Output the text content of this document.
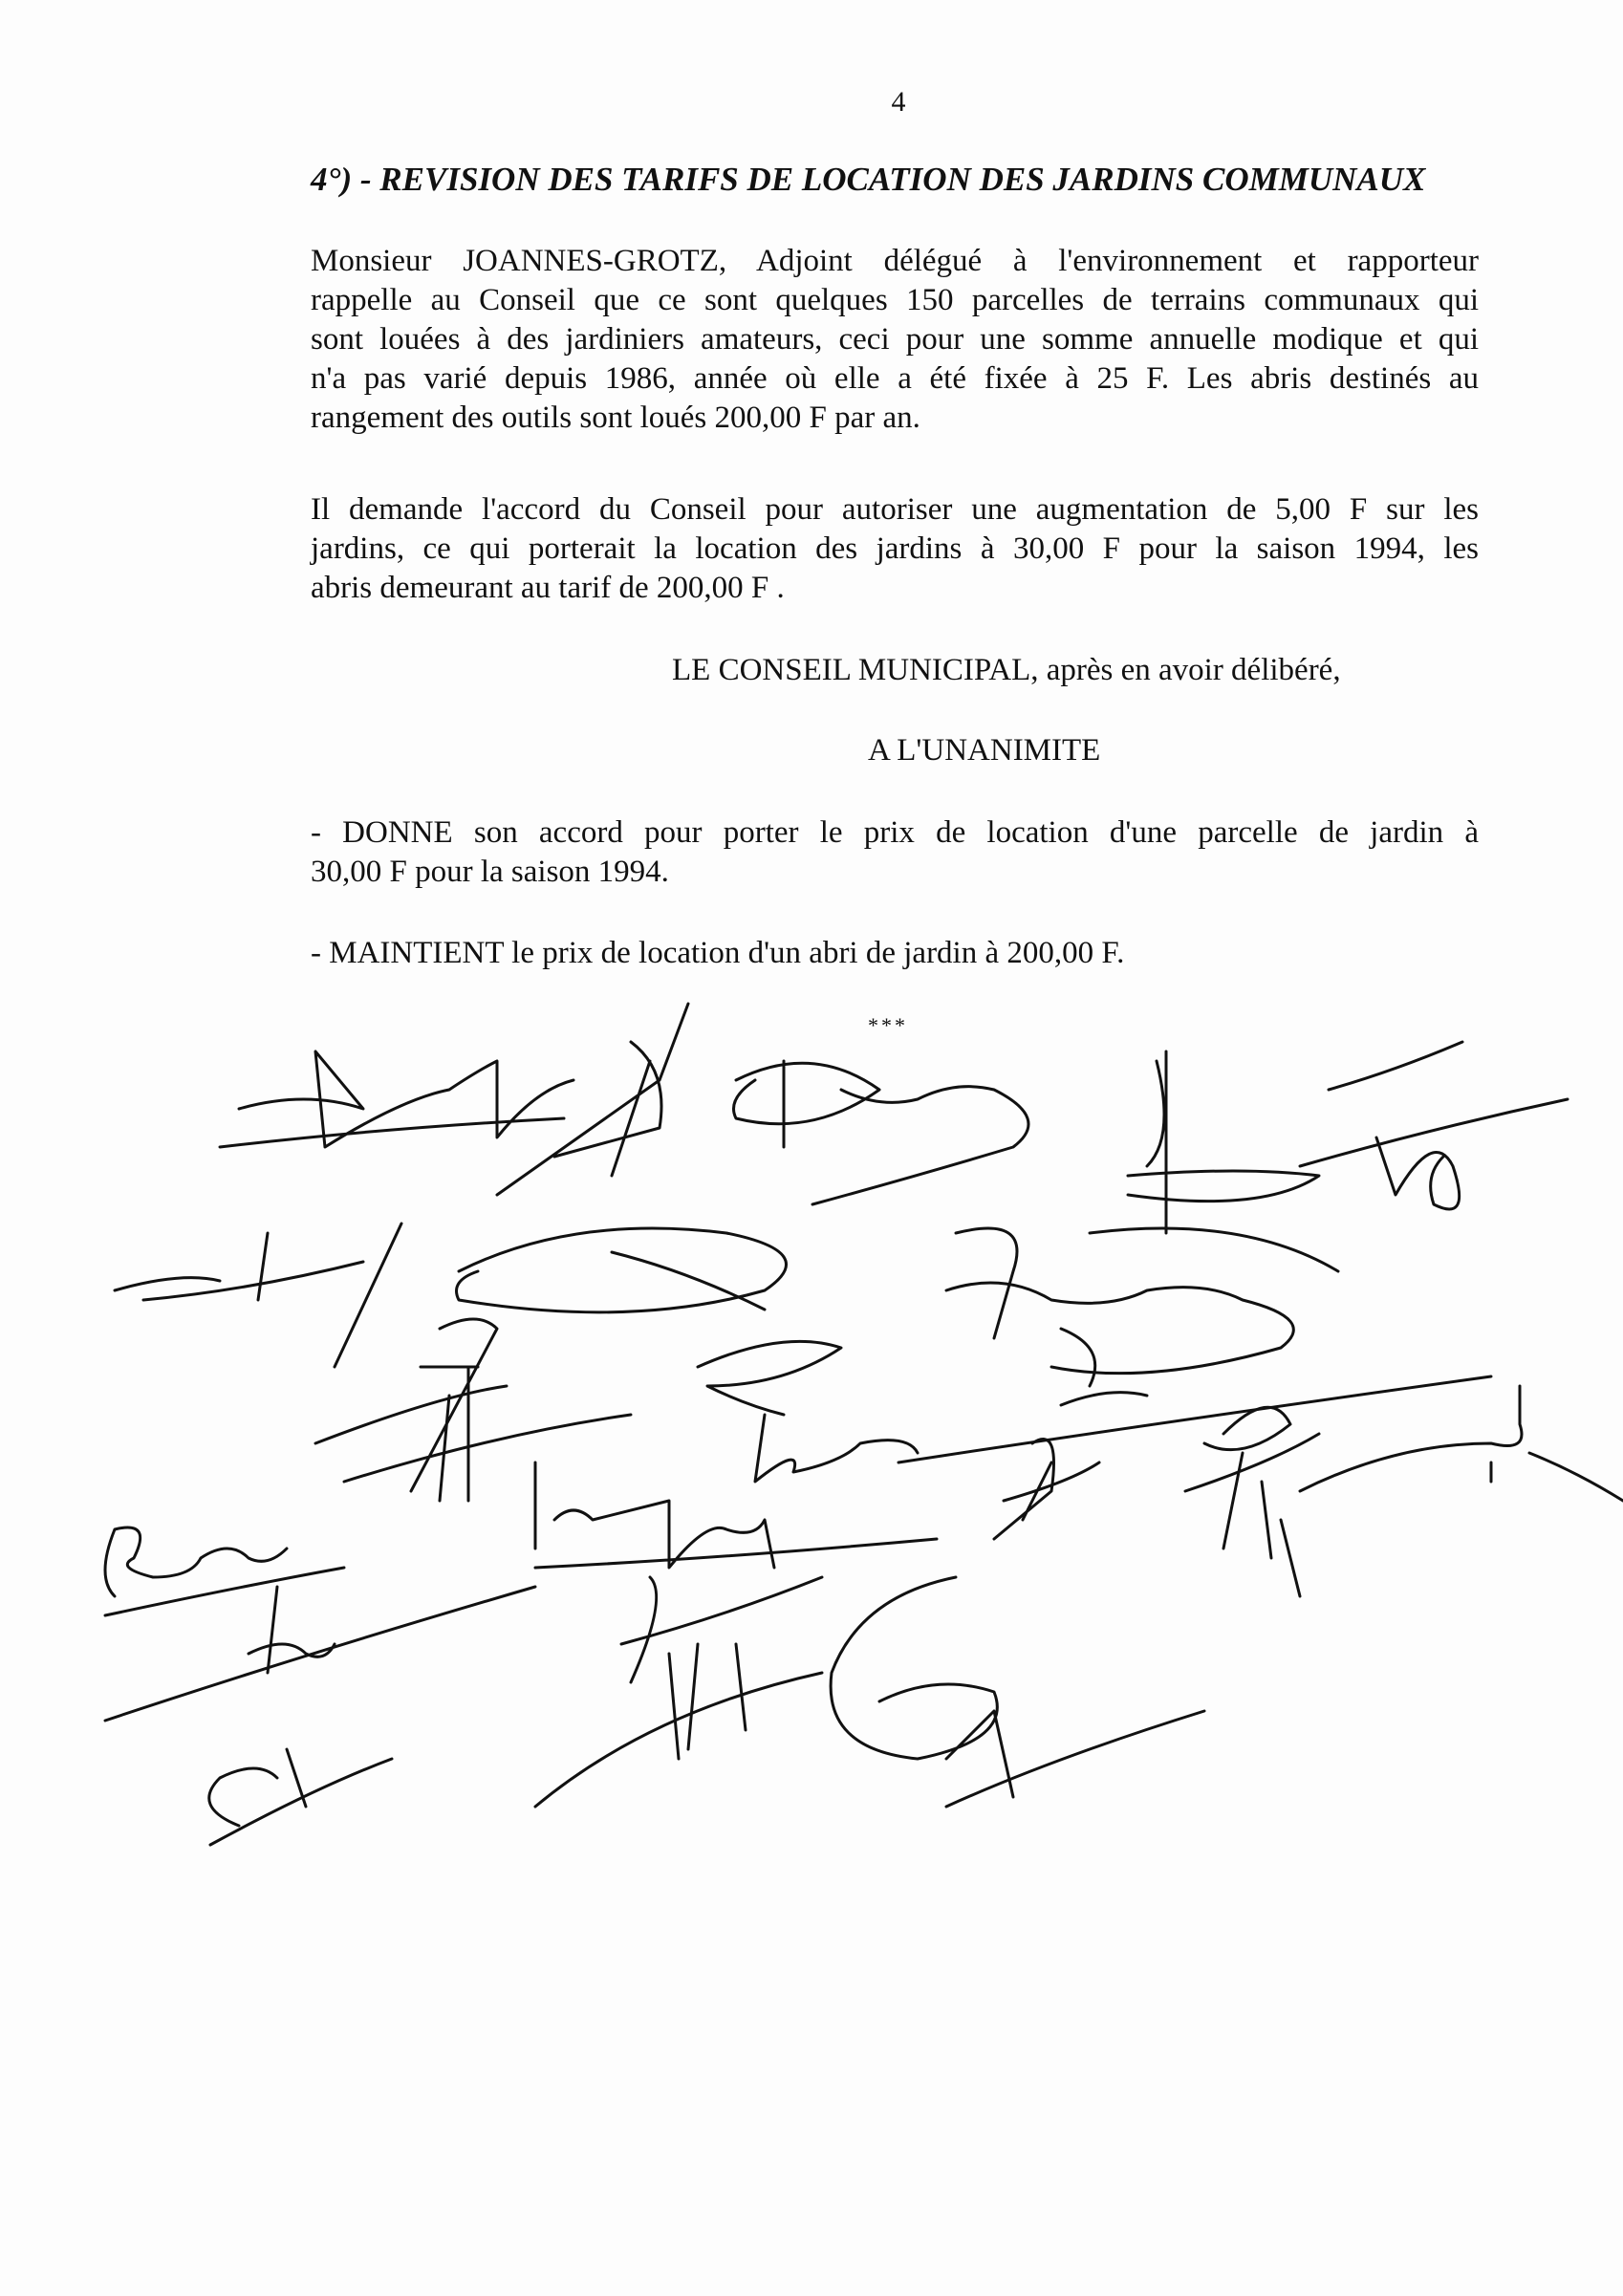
4
4°) - REVISION DES TARIFS DE LOCATION DES JARDINS COMMUNAUX
Monsieur JOANNES-GROTZ, Adjoint délégué à l'environnement et rapporteur
rappelle au Conseil que ce sont quelques 150 parcelles de terrains communaux qui
sont louées à des jardiniers amateurs, ceci pour une somme annuelle modique et qui
n'a pas varié depuis 1986, année où elle a été fixée à 25 F. Les abris destinés au
rangement des outils sont loués 200,00 F par an.
Il demande l'accord du Conseil pour autoriser une augmentation de 5,00 F sur les
jardins, ce qui porterait la location des jardins à 30,00 F pour la saison 1994, les
abris demeurant au tarif de 200,00 F .
LE CONSEIL MUNICIPAL, après en avoir délibéré,
A L'UNANIMITE
- DONNE son accord pour porter le prix de location d'une parcelle de jardin à
30,00 F pour la saison 1994.
- MAINTIENT le prix de location d'un abri de jardin à 200,00 F.
***
